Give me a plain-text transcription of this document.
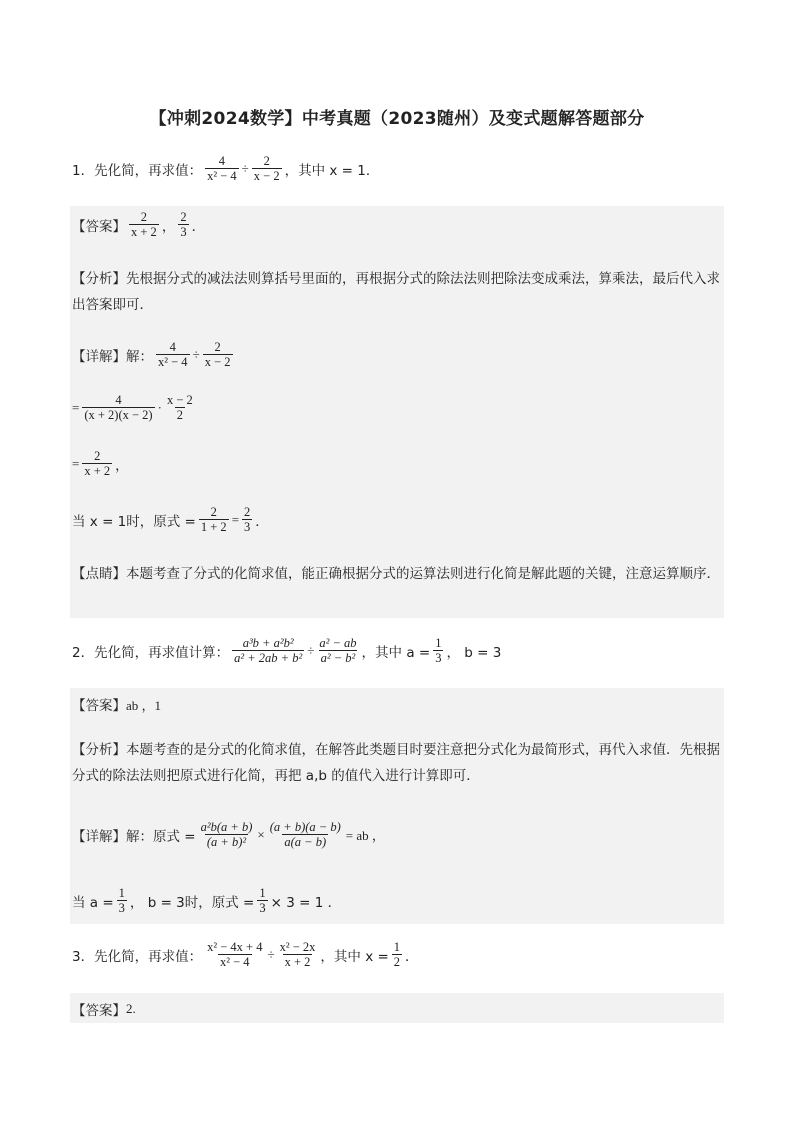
【冲刺2024数学】中考真题（2023随州）及变式题解答题部分
1．先化简，再求值： $\frac{4}{\text{x² − 4}} \div \frac{2}{x - 2}$ ，其中 x = 1．
【答案】 $\frac{2}{x + 2}$ ， $\frac{2}{3}$ ．
【分析】先根据分式的减法法则算括号里面的，再根据分式的除法法则把除法变成乘法，算乘法，最后代入求出答案即可．
【详解】 解： $\frac{4}{\text{x² − 4}} \div \frac{2}{x - 2}$
= $\frac{4}{(x + 2)(x - 2)} \cdot \frac{x - 2}{2}$
= $\frac{2}{x + 2}$ ，
当 x = 1时，原式 = $\frac{2}{1 + 2} = \frac{2}{3}$ ．
【点睛】本题考查了分式的化简求值，能正确根据分式的运算法则进行化简是解此题的关键，注意运算顺序．
2．先化简，再求值计算： $\frac{\text{a³b + a²b²}}{\text{a² + 2ab + b²}} \div \frac{\text{a² − ab}}{\text{a² − b²}}$ ，其中 $a = \frac{1}{3}$ ， b = 3
【答案】 ab ，1
【分析】本题考查的是分式的化简求值，在解答此类题目时要注意把分式化为最简形式，再代入求值．先根据分式的除法法则把原式进行化简，再把 a,b 的值代入进行计算即可．
【详解】 解：原式 = $\frac{\text{a²b(a + b)}}{\text{(a + b)²}} \times \frac{(a + b)(a - b)}{a(a - b)}$ = ab ，
当 $a = \frac{1}{3}$ ， b = 3时，原式 = $\frac{1}{3} \times 3 = 1$ ．
3．先化简，再求值： $\frac{\text{x² − 4x + 4}}{\text{x² − 4}} \div \frac{\text{x² − 2x}}{x + 2}$ ，其中 $x = \frac{1}{2}$ ．
【答案】 2.
